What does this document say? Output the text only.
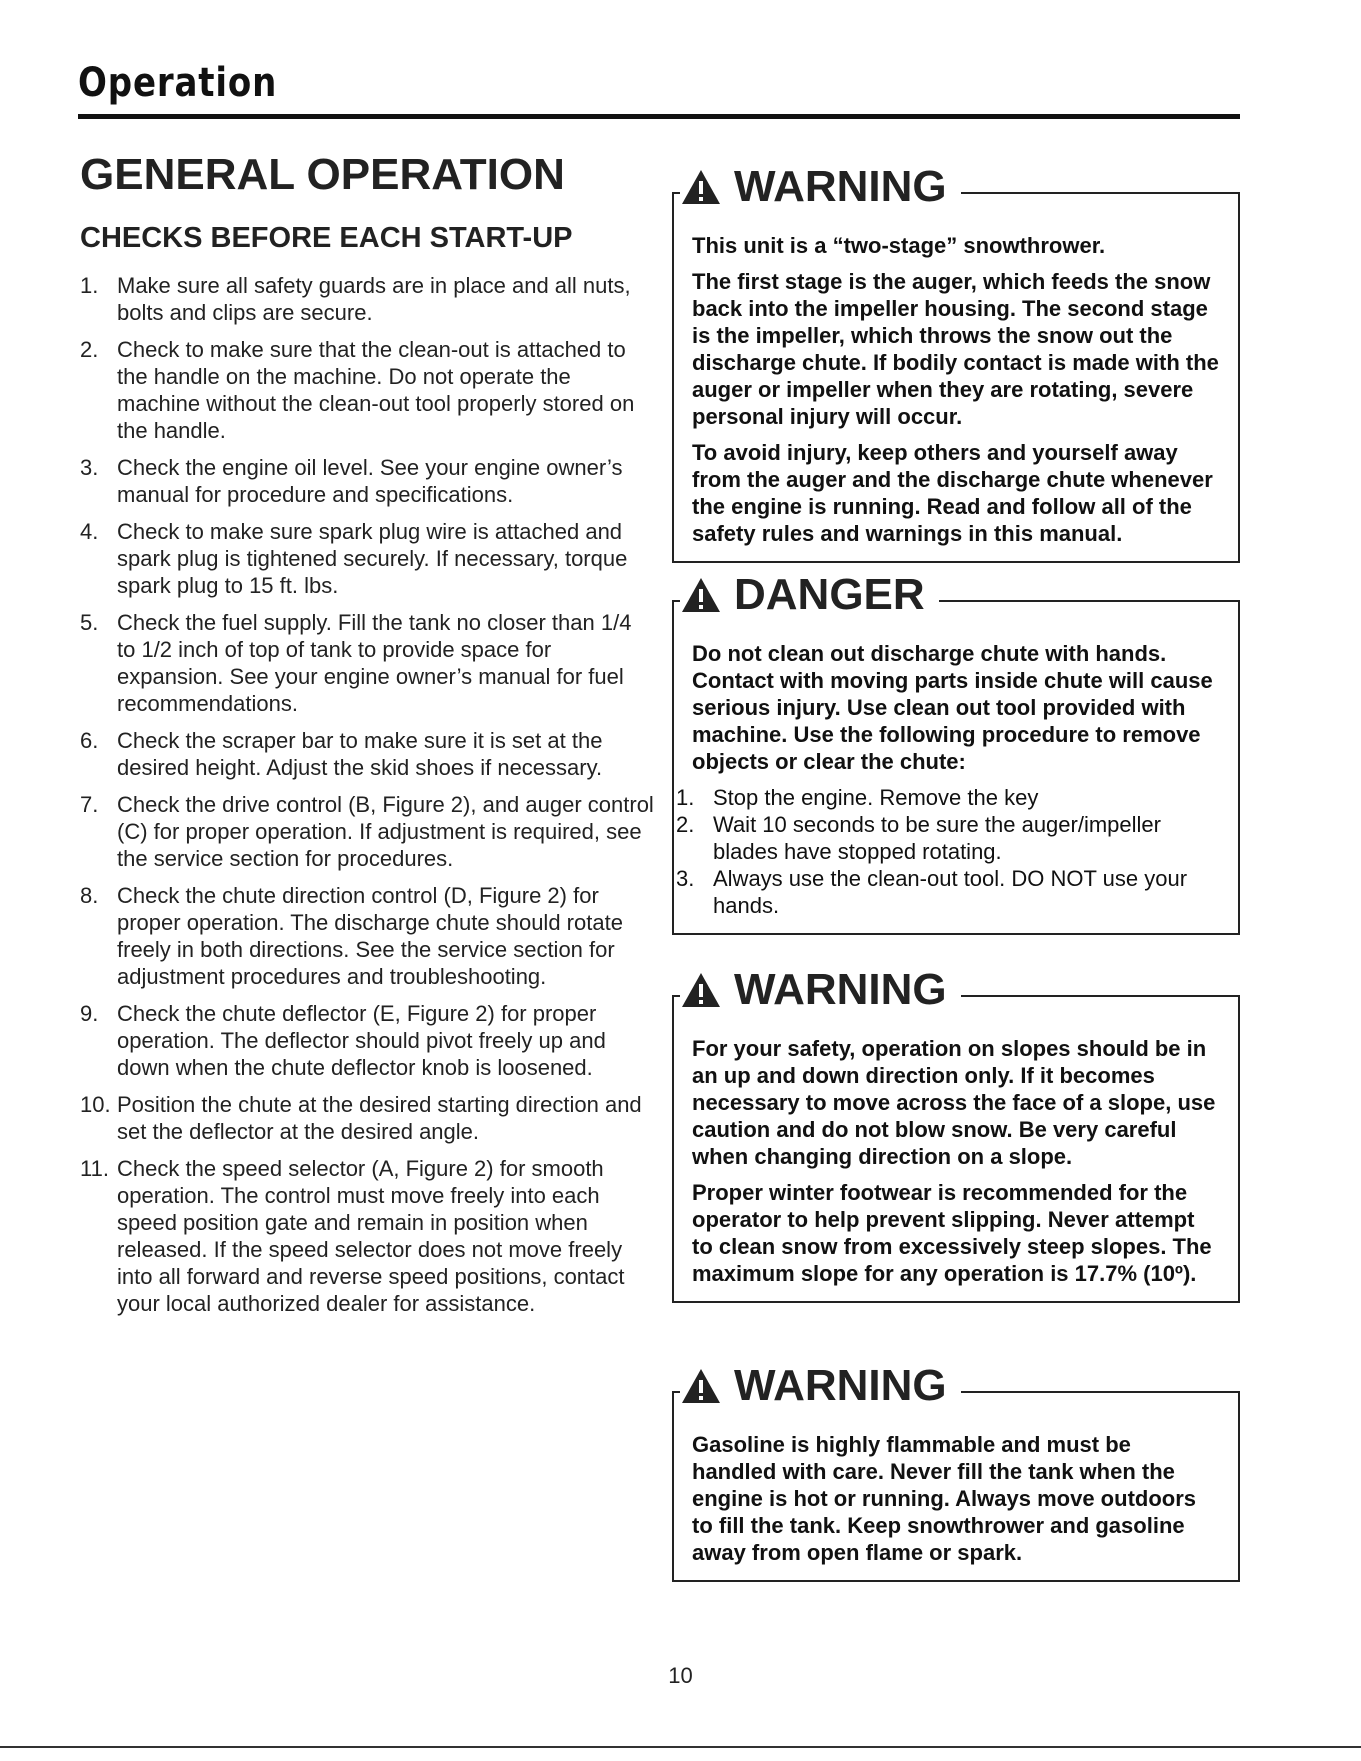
Operation
GENERAL OPERATION
CHECKS BEFORE EACH START-UP
1. Make sure all safety guards are in place and all nuts, bolts and clips are secure.
2. Check to make sure that the clean-out is attached to the handle on the machine. Do not operate the machine without the clean-out tool properly stored on the handle.
3. Check the engine oil level. See your engine owner’s manual for procedure and specifications.
4. Check to make sure spark plug wire is attached and spark plug is tightened securely. If necessary, torque spark plug to 15 ft. lbs.
5. Check the fuel supply. Fill the tank no closer than 1/4 to 1/2 inch of top of tank to provide space for expansion. See your engine owner’s manual for fuel recommendations.
6. Check the scraper bar to make sure it is set at the desired height. Adjust the skid shoes if necessary.
7. Check the drive control (B, Figure 2), and auger control (C) for proper operation. If adjustment is required, see the service section for procedures.
8. Check the chute direction control (D, Figure 2) for proper operation. The discharge chute should rotate freely in both directions. See the service section for adjustment procedures and troubleshooting.
9. Check the chute deflector (E, Figure 2) for proper operation. The deflector should pivot freely up and down when the chute deflector knob is loosened.
10. Position the chute at the desired starting direction and set the deflector at the desired angle.
11. Check the speed selector (A, Figure 2) for smooth operation. The control must move freely into each speed position gate and remain in position when released. If the speed selector does not move freely into all forward and reverse speed positions, contact your local authorized dealer for assistance.
WARNING

This unit is a “two-stage” snowthrower.

The first stage is the auger, which feeds the snow back into the impeller housing. The second stage is the impeller, which throws the snow out the discharge chute. If bodily contact is made with the auger or impeller when they are rotating, severe personal injury will occur.

To avoid injury, keep others and yourself away from the auger and the discharge chute whenever the engine is running. Read and follow all of the safety rules and warnings in this manual.

DANGER

Do not clean out discharge chute with hands. Contact with moving parts inside chute will cause serious injury. Use clean out tool provided with machine. Use the following procedure to remove objects or clear the chute:

1. Stop the engine. Remove the key
2. Wait 10 seconds to be sure the auger/impeller blades have stopped rotating.
3. Always use the clean-out tool. DO NOT use your hands.
WARNING

For your safety, operation on slopes should be in an up and down direction only. If it becomes necessary to move across the face of a slope, use caution and do not blow snow. Be very careful when changing direction on a slope.

Proper winter footwear is recommended for the operator to help prevent slipping. Never attempt to clean snow from excessively steep slopes. The maximum slope for any operation is 17.7% (10º).

WARNING

Gasoline is highly flammable and must be handled with care. Never fill the tank when the engine is hot or running. Always move outdoors to fill the tank. Keep snowthrower and gasoline away from open flame or spark.

10
